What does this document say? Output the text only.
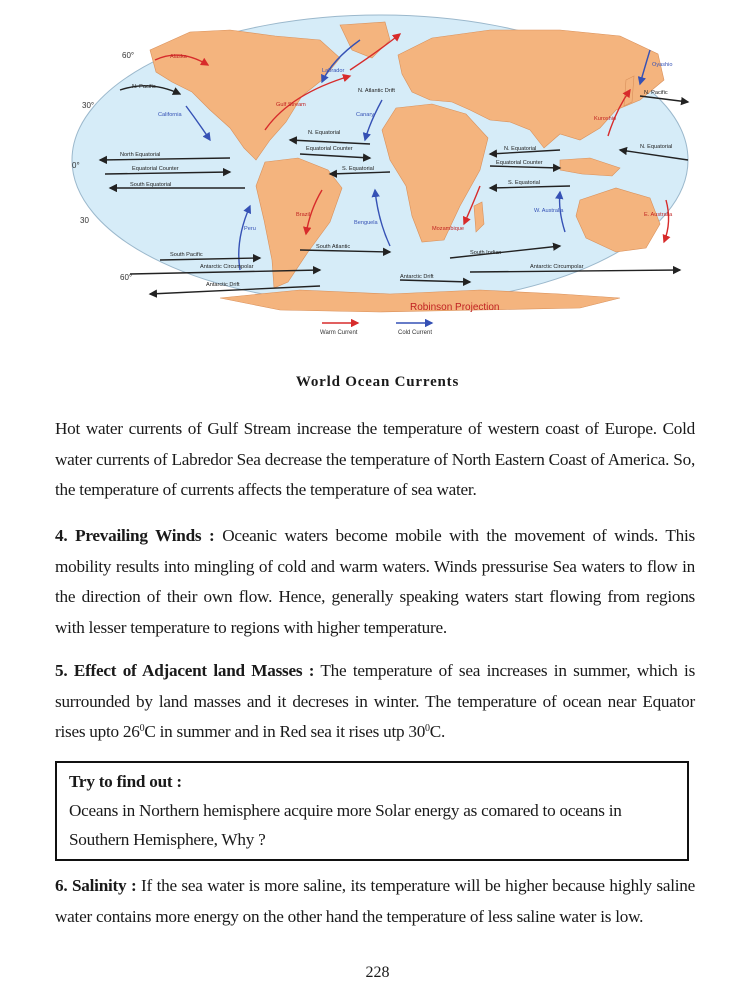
60°
30°
0°
30
60°
Alaska
N. Pacific
California
North Equatorial
Equatorial Counter
South Equatorial
Peru
South Pacific
Antarctic Circumpolar
Antarctic Drift
Labrador
N. Atlantic Drift
Gulf Stream
Canary
N. Equatorial
Equatorial Counter
S. Equatorial
Brazil
Benguela
South Atlantic
Antarctic Drift
Mozambique
N. Equatorial
Equatorial Counter
S. Equatorial
South Indian
Antarctic Circumpolar
W. Australia
Oyashio
N. Pacific
Kuroshio
N. Equatorial
E. Australia
Robinson Projection
Warm Current	Cold Current
World Ocean Currents

Hot water currents of Gulf Stream increase the temperature of western coast of Europe. Cold water currents of Labredor Sea decrease the temperature of North Eastern Coast of America. So, the temperature of currents affects the temperature of sea water.

4. Prevailing Winds : Oceanic waters become mobile with the movement of winds. This mobility results into mingling of cold and warm waters. Winds pressurise Sea waters to flow in the direction of their own flow. Hence, generally speaking waters start flowing from regions with lesser temperature to regions with higher temperature.

5. Effect of Adjacent land Masses : The temperature of sea increases in summer, which is surrounded by land masses and it decreses in winter. The temperature of ocean near Equator rises upto $26^0C$ in summer and in Red sea it rises utp $30^0C$.

Try to find out :
Oceans in Northern hemisphere acquire more Solar energy as comared to oceans in Southern Hemisphere, Why ?

6. Salinity : If the sea water is more saline, its temperature will be higher because highly saline water contains more energy on the other hand the temperature of less saline water is low.

228
